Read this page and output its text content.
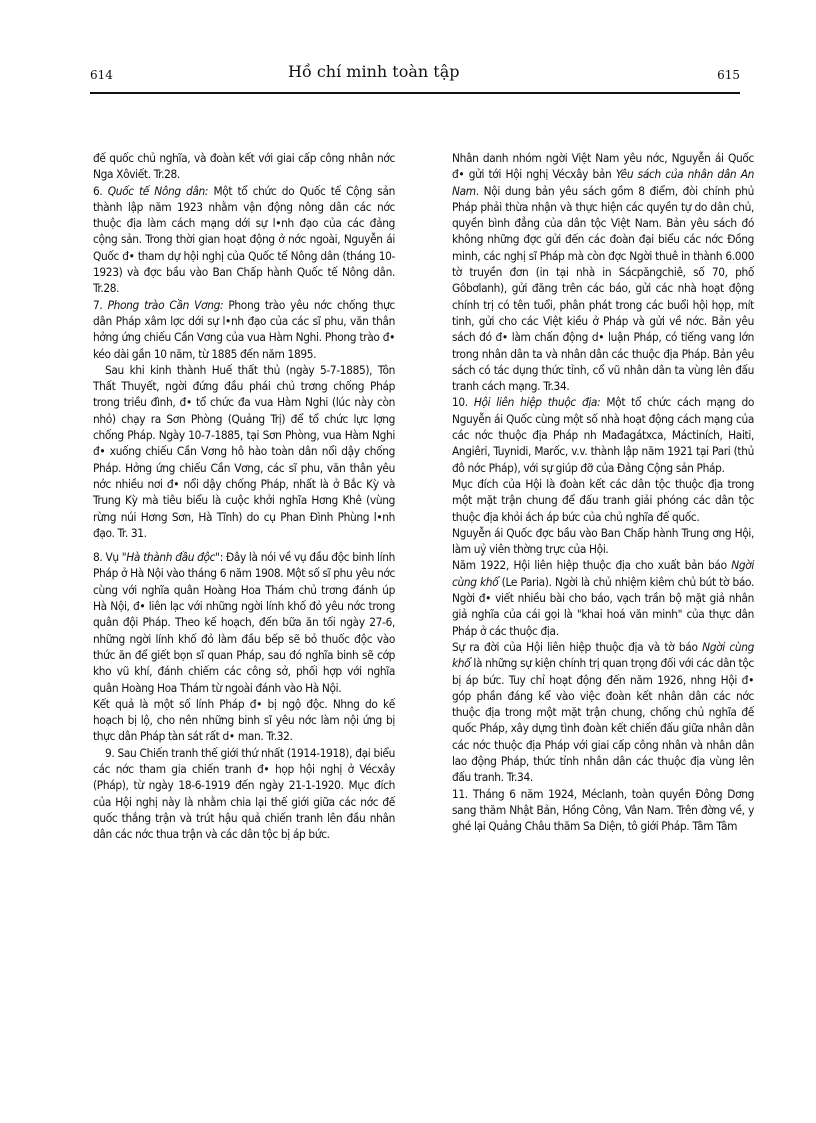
614	Hồ chí minh toàn tập	615

đế quốc chủ nghĩa, và đoàn kết với giai cấp công nhân nớc Nga Xôviết. Tr.28.

6. Quốc tế Nông dân: Một tổ chức do Quốc tế Cộng sản thành lập năm 1923 nhằm vận động nông dân các nớc thuộc địa làm cách mạng dới sự l•nh đạo của các đảng cộng sản. Trong thời gian hoạt động ở nớc ngoài, Nguyễn ái Quốc đ• tham dự hội nghị của Quốc tế Nông dân (tháng 10-1923) và đợc bầu vào Ban Chấp hành Quốc tế Nông dân. Tr.28.

7. Phong trào Cần Vơng: Phong trào yêu nớc chống thực dân Pháp xâm lợc dới sự l•nh đạo của các sĩ phu, văn thân hởng ứng chiếu Cần Vơng của vua Hàm Nghi. Phong trào đ• kéo dài gần 10 năm, từ 1885 đến năm 1895.

Sau khi kinh thành Huế thất thủ (ngày 5-7-1885), Tôn Thất Thuyết, ngời đứng đầu phái chủ trơng chống Pháp trong triều đình, đ• tổ chức đa vua Hàm Nghi (lúc này còn nhỏ) chạy ra Sơn Phòng (Quảng Trị) để tổ chức lực lợng chống Pháp. Ngày 10-7-1885, tại Sơn Phòng, vua Hàm Nghi đ• xuống chiếu Cần Vơng hô hào toàn dân nổi dậy chống Pháp. Hởng ứng chiếu Cần Vơng, các sĩ phu, văn thân yêu nớc nhiều nơi đ• nổi dậy chống Pháp, nhất là ở Bắc Kỳ và Trung Kỳ mà tiêu biểu là cuộc khởi nghĩa Hơng Khê (vùng rừng núi Hơng Sơn, Hà Tĩnh) do cụ Phan Đình Phùng l•nh đạo. Tr. 31.

8. Vụ "Hà thành đầu độc": Đây là nói về vụ đầu độc binh lính Pháp ở Hà Nội vào tháng 6 năm 1908. Một số sĩ phu yêu nớc cùng với nghĩa quân Hoàng Hoa Thám chủ trơng đánh úp Hà Nội, đ• liên lạc với những ngời lính khố đỏ yêu nớc trong quân đội Pháp. Theo kế hoạch, đến bữa ăn tối ngày 27-6, những ngời lính khố đỏ làm đầu bếp sẽ bỏ thuốc độc vào thức ăn để giết bọn sĩ quan Pháp, sau đó nghĩa binh sẽ cớp kho vũ khí, đánh chiếm các công sở, phối hợp với nghĩa quân Hoàng Hoa Thám từ ngoài đánh vào Hà Nội.

Kết quả là một số lính Pháp đ• bị ngộ độc. Nhng do kế hoạch bị lộ, cho nên những binh sĩ yêu nớc làm nội ứng bị thực dân Pháp tàn sát rất d• man. Tr.32.

9. Sau Chiến tranh thế giới thứ nhất (1914-1918), đại biểu các nớc tham gia chiến tranh đ• họp hội nghị ở Vécxây (Pháp), từ ngày 18-6-1919 đến ngày 21-1-1920. Mục đích của Hội nghị này là nhằm chia lại thế giới giữa các nớc đế quốc thắng trận và trút hậu quả chiến tranh lên đầu nhân dân các nớc thua trận và các dân tộc bị áp bức.

Nhân danh nhóm ngời Việt Nam yêu nớc, Nguyễn ái Quốc đ• gửi tới Hội nghị Vécxây bản Yêu sách của nhân dân An Nam. Nội dung bản yêu sách gồm 8 điểm, đòi chính phủ Pháp phải thừa nhận và thực hiện các quyền tự do dân chủ, quyền bình đẳng của dân tộc Việt Nam. Bản yêu sách đó không những đợc gửi đến các đoàn đại biểu các nớc Đồng minh, các nghị sĩ Pháp mà còn đợc Ngời thuê in thành 6.000 tờ truyền đơn (in tại nhà in Sácpăngchiê, số 70, phố Gôbơlanh), gửi đăng trên các báo, gửi các nhà hoạt động chính trị có tên tuổi, phân phát trong các buổi hội họp, mít tinh, gửi cho các Việt kiều ở Pháp và gửi về nớc. Bản yêu sách đó đ• làm chấn động d• luận Pháp, có tiếng vang lớn trong nhân dân ta và nhân dân các thuộc địa Pháp. Bản yêu sách có tác dụng thức tỉnh, cổ vũ nhân dân ta vùng lên đấu tranh cách mạng. Tr.34.

10. Hội liên hiệp thuộc địa: Một tổ chức cách mạng do Nguyễn ái Quốc cùng một số nhà hoạt động cách mạng của các nớc thuộc địa Pháp nh Mađagátxca, Máctiních, Haiti, Angiêri, Tuynidi, Marốc, v.v. thành lập năm 1921 tại Pari (thủ đô nớc Pháp), với sự giúp đỡ của Đảng Cộng sản Pháp.

Mục đích của Hội là đoàn kết các dân tộc thuộc địa trong một mặt trận chung để đấu tranh giải phóng các dân tộc thuộc địa khỏi ách áp bức của chủ nghĩa đế quốc.

Nguyễn ái Quốc đợc bầu vào Ban Chấp hành Trung ơng Hội, làm uỷ viên thờng trực của Hội.

Năm 1922, Hội liên hiệp thuộc địa cho xuất bản báo Ngời cùng khổ (Le Paria). Ngời là chủ nhiệm kiêm chủ bút tờ báo. Ngời đ• viết nhiều bài cho báo, vạch trần bộ mặt giả nhân giả nghĩa của cái gọi là "khai hoá văn minh" của thực dân Pháp ở các thuộc địa.

Sự ra đời của Hội liên hiệp thuộc địa và tờ báo Ngời cùng khổ là những sự kiện chính trị quan trọng đối với các dân tộc bị áp bức. Tuy chỉ hoạt động đến năm 1926, nhng Hội đ• góp phần đáng kể vào việc đoàn kết nhân dân các nớc thuộc địa trong một mặt trận chung, chống chủ nghĩa đế quốc Pháp, xây dựng tình đoàn kết chiến đấu giữa nhân dân các nớc thuộc địa Pháp với giai cấp công nhân và nhân dân lao động Pháp, thức tỉnh nhân dân các thuộc địa vùng lên đấu tranh. Tr.34.

11. Tháng 6 năm 1924, Méclanh, toàn quyền Đông Dơng sang thăm Nhật Bản, Hồng Công, Vân Nam. Trên đờng về, y ghé lại Quảng Châu thăm Sa Diện, tô giới Pháp. Tâm Tâm
